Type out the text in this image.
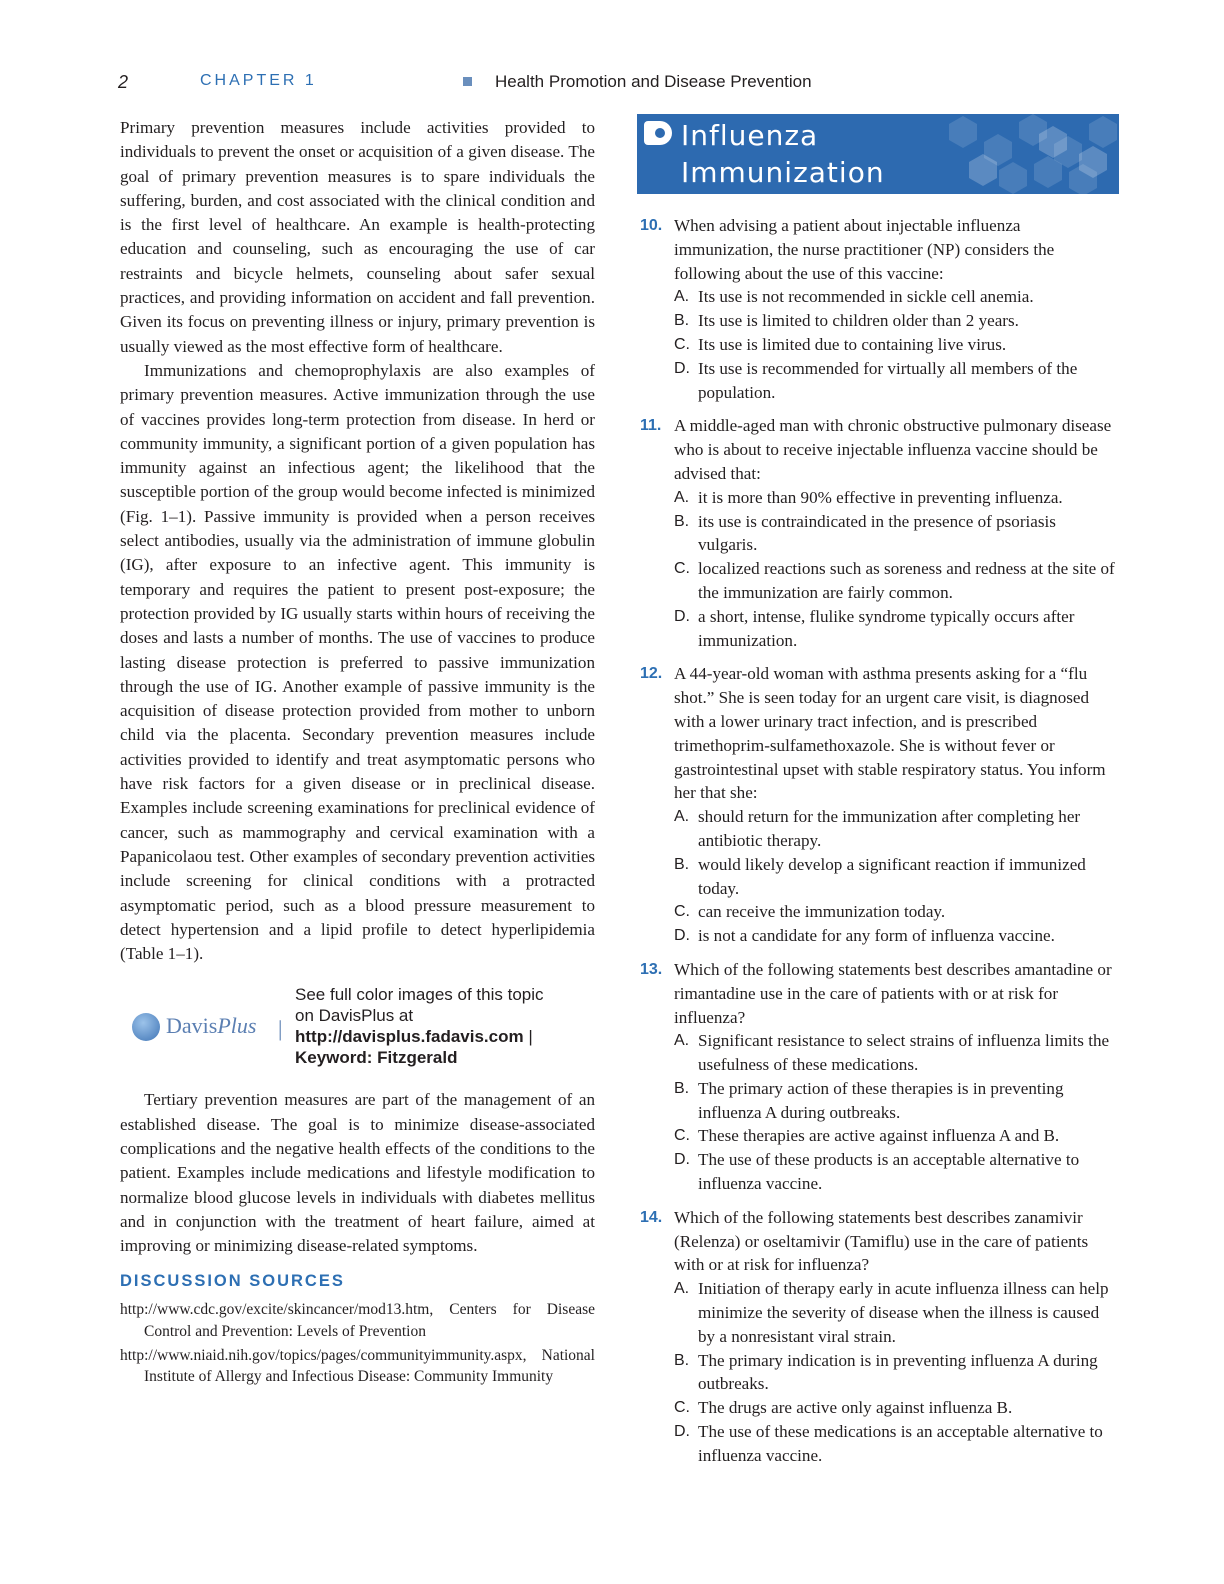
2	CHAPTER 1	Health Promotion and Disease Prevention

Primary prevention measures include activities provided to individuals to prevent the onset or acquisition of a given disease. The goal of primary prevention measures is to spare individuals the suffering, burden, and cost associated with the clinical condition and is the first level of healthcare. An example is health-protecting education and counseling, such as encouraging the use of car restraints and bicycle helmets, counseling about safer sexual practices, and providing information on accident and fall prevention. Given its focus on preventing illness or injury, primary prevention is usually viewed as the most effective form of healthcare.

Immunizations and chemoprophylaxis are also examples of primary prevention measures. Active immunization through the use of vaccines provides long-term protection from disease. In herd or community immunity, a significant portion of a given population has immunity against an infectious agent; the likelihood that the susceptible portion of the group would become infected is minimized (Fig. 1–1). Passive immunity is provided when a person receives select antibodies, usually via the administration of immune globulin (IG), after exposure to an infective agent. This immunity is temporary and requires the patient to present post-exposure; the protection provided by IG usually starts within hours of receiving the doses and lasts a number of months. The use of vaccines to produce lasting disease protection is preferred to passive immunization through the use of IG. Another example of passive immunity is the acquisition of disease protection provided from mother to unborn child via the placenta. Secondary prevention measures include activities provided to identify and treat asymptomatic persons who have risk factors for a given disease or in preclinical disease. Examples include screening examinations for preclinical evidence of cancer, such as mammography and cervical examination with a Papanicolaou test. Other examples of secondary prevention activities include screening for clinical conditions with a protracted asymptomatic period, such as a blood pressure measurement to detect hypertension and a lipid profile to detect hyperlipidemia (Table 1–1).

DavisPlus |
See full color images of this topic
on DavisPlus at
http://davisplus.fadavis.com |
Keyword: Fitzgerald

Tertiary prevention measures are part of the management of an established disease. The goal is to minimize disease-associated complications and the negative health effects of the conditions to the patient. Examples include medications and lifestyle modification to normalize blood glucose levels in individuals with diabetes mellitus and in conjunction with the treatment of heart failure, aimed at improving or minimizing disease-related symptoms.

DISCUSSION SOURCES

http://www.cdc.gov/excite/skincancer/mod13.htm, Centers for Disease Control and Prevention: Levels of Prevention

http://www.niaid.nih.gov/topics/pages/communityimmunity.aspx, National Institute of Allergy and Infectious Disease: Community Immunity

Influenza
Immunization
10. When advising a patient about injectable influenza immunization, the nurse practitioner (NP) considers the following about the use of this vaccine:

A. Its use is not recommended in sickle cell anemia.

B. Its use is limited to children older than 2 years.

C. Its use is limited due to containing live virus.

D. Its use is recommended for virtually all members of the population.

11. A middle-aged man with chronic obstructive pulmonary disease who is about to receive injectable influenza vaccine should be advised that:

A. it is more than 90% effective in preventing influenza.

B. its use is contraindicated in the presence of psoriasis vulgaris.

C. localized reactions such as soreness and redness at the site of the immunization are fairly common.

D. a short, intense, flulike syndrome typically occurs after immunization.

12. A 44-year-old woman with asthma presents asking for a “flu shot.” She is seen today for an urgent care visit, is diagnosed with a lower urinary tract infection, and is prescribed trimethoprim-sulfamethoxazole. She is without fever or gastrointestinal upset with stable respiratory status. You inform her that she:

A. should return for the immunization after completing her antibiotic therapy.

B. would likely develop a significant reaction if immunized today.

C. can receive the immunization today.

D. is not a candidate for any form of influenza vaccine.

13. Which of the following statements best describes amantadine or rimantadine use in the care of patients with or at risk for influenza?

A. Significant resistance to select strains of influenza limits the usefulness of these medications.

B. The primary action of these therapies is in preventing influenza A during outbreaks.

C. These therapies are active against influenza A and B.

D. The use of these products is an acceptable alternative to influenza vaccine.

14. Which of the following statements best describes zanamivir (Relenza) or oseltamivir (Tamiflu) use in the care of patients with or at risk for influenza?

A. Initiation of therapy early in acute influenza illness can help minimize the severity of disease when the illness is caused by a nonresistant viral strain.

B. The primary indication is in preventing influenza A during outbreaks.

C. The drugs are active only against influenza B.

D. The use of these medications is an acceptable alternative to influenza vaccine.
